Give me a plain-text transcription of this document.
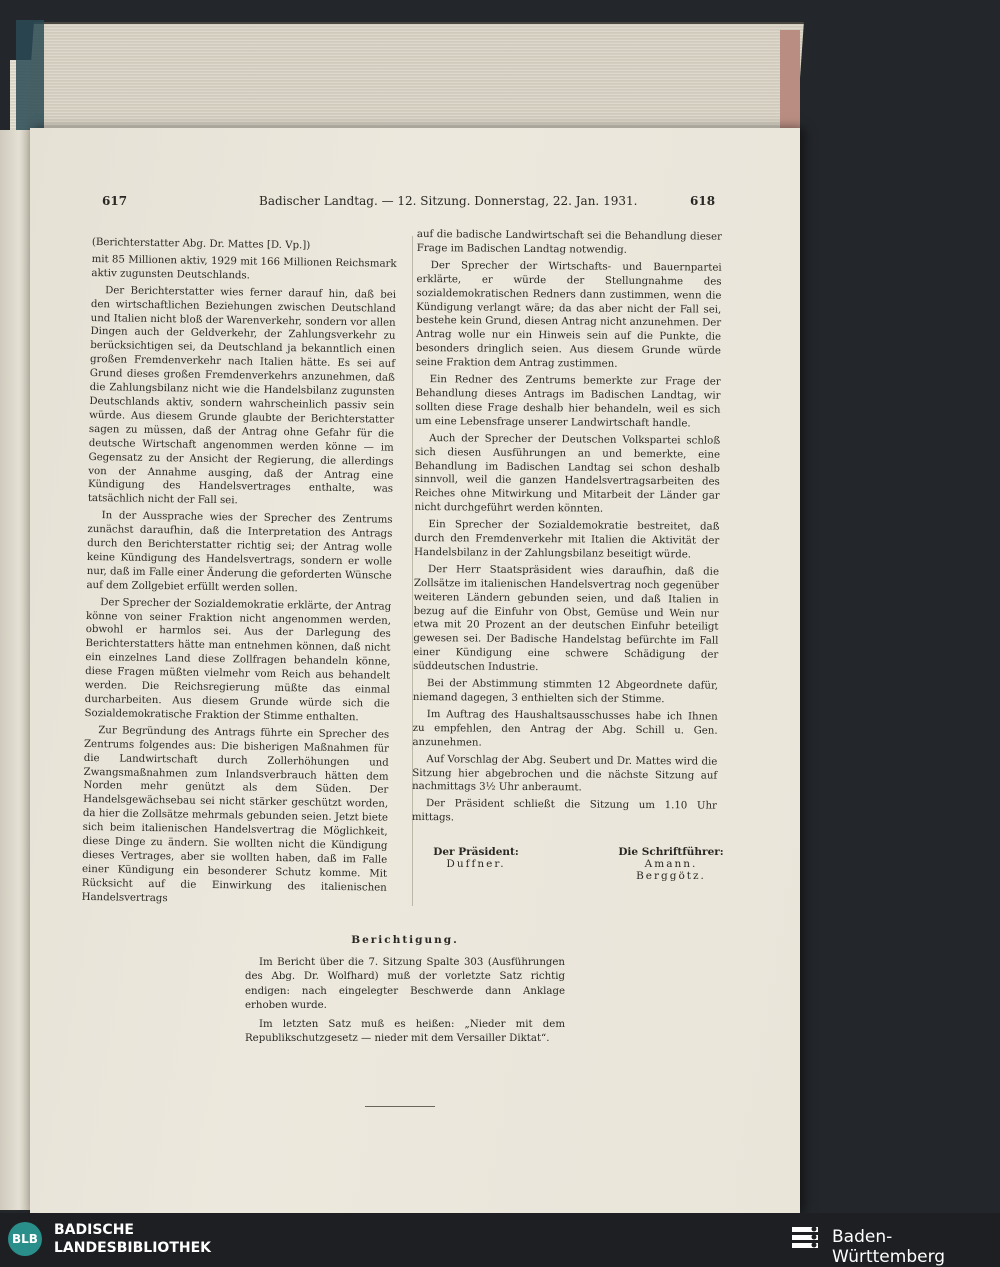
617	Badischer Landtag. — 12. Sitzung. Donnerstag, 22. Jan. 1931.	618

(Berichterstatter Abg. Dr. Mattes [D. Vp.])

mit 85 Millionen aktiv, 1929 mit 166 Millionen Reichsmark aktiv zugunsten Deutschlands.

Der Berichterstatter wies ferner darauf hin, daß bei den wirtschaftlichen Beziehungen zwischen Deutschland und Italien nicht bloß der Warenverkehr, sondern vor allen Dingen auch der Geldverkehr, der Zahlungsverkehr zu berücksichtigen sei, da Deutschland ja bekanntlich einen großen Fremdenverkehr nach Italien hätte. Es sei auf Grund dieses großen Fremdenverkehrs anzunehmen, daß die Zahlungsbilanz nicht wie die Handelsbilanz zugunsten Deutschlands aktiv, sondern wahrscheinlich passiv sein würde. Aus diesem Grunde glaubte der Berichterstatter sagen zu müssen, daß der Antrag ohne Gefahr für die deutsche Wirtschaft angenommen werden könne — im Gegensatz zu der Ansicht der Regierung, die allerdings von der Annahme ausging, daß der Antrag eine Kündigung des Handelsvertrages enthalte, was tatsächlich nicht der Fall sei.

In der Aussprache wies der Sprecher des Zentrums zunächst daraufhin, daß die Interpretation des Antrags durch den Berichterstatter richtig sei; der Antrag wolle keine Kündigung des Handelsvertrags, sondern er wolle nur, daß im Falle einer Änderung die geforderten Wünsche auf dem Zollgebiet erfüllt werden sollen.

Der Sprecher der Sozialdemokratie erklärte, der Antrag könne von seiner Fraktion nicht angenommen werden, obwohl er harmlos sei. Aus der Darlegung des Berichterstatters hätte man entnehmen können, daß nicht ein einzelnes Land diese Zollfragen behandeln könne, diese Fragen müßten vielmehr vom Reich aus behandelt werden. Die Reichsregierung müßte das einmal durcharbeiten. Aus diesem Grunde würde sich die Sozialdemokratische Fraktion der Stimme enthalten.

Zur Begründung des Antrags führte ein Sprecher des Zentrums folgendes aus: Die bisherigen Maßnahmen für die Landwirtschaft durch Zollerhöhungen und Zwangsmaßnahmen zum Inlandsverbrauch hätten dem Norden mehr genützt als dem Süden. Der Handelsgewächsebau sei nicht stärker geschützt worden, da hier die Zollsätze mehrmals gebunden seien. Jetzt biete sich beim italienischen Handelsvertrag die Möglichkeit, diese Dinge zu ändern. Sie wollten nicht die Kündigung dieses Vertrages, aber sie wollten haben, daß im Falle einer Kündigung ein besonderer Schutz komme. Mit Rücksicht auf die Einwirkung des italienischen Handelsvertrags

auf die badische Landwirtschaft sei die Behandlung dieser Frage im Badischen Landtag notwendig.

Der Sprecher der Wirtschafts- und Bauernpartei erklärte, er würde der Stellungnahme des sozialdemokratischen Redners dann zustimmen, wenn die Kündigung verlangt wäre; da das aber nicht der Fall sei, bestehe kein Grund, diesen Antrag nicht anzunehmen. Der Antrag wolle nur ein Hinweis sein auf die Punkte, die besonders dringlich seien. Aus diesem Grunde würde seine Fraktion dem Antrag zustimmen.

Ein Redner des Zentrums bemerkte zur Frage der Behandlung dieses Antrags im Badischen Landtag, wir sollten diese Frage deshalb hier behandeln, weil es sich um eine Lebensfrage unserer Landwirtschaft handle.

Auch der Sprecher der Deutschen Volkspartei schloß sich diesen Ausführungen an und bemerkte, eine Behandlung im Badischen Landtag sei schon deshalb sinnvoll, weil die ganzen Handelsvertragsarbeiten des Reiches ohne Mitwirkung und Mitarbeit der Länder gar nicht durchgeführt werden könnten.

Ein Sprecher der Sozialdemokratie bestreitet, daß durch den Fremdenverkehr mit Italien die Aktivität der Handelsbilanz in der Zahlungsbilanz beseitigt würde.

Der Herr Staatspräsident wies daraufhin, daß die Zollsätze im italienischen Handelsvertrag noch gegenüber weiteren Ländern gebunden seien, und daß Italien in bezug auf die Einfuhr von Obst, Gemüse und Wein nur etwa mit 20 Prozent an der deutschen Einfuhr beteiligt gewesen sei. Der Badische Handelstag befürchte im Fall einer Kündigung eine schwere Schädigung der süddeutschen Industrie.

Bei der Abstimmung stimmten 12 Abgeordnete dafür, niemand dagegen, 3 enthielten sich der Stimme.

Im Auftrag des Haushaltsausschusses habe ich Ihnen zu empfehlen, den Antrag der Abg. Schill u. Gen. anzunehmen.

Auf Vorschlag der Abg. Seubert und Dr. Mattes wird die Sitzung hier abgebrochen und die nächste Sitzung auf nachmittags 3½ Uhr anberaumt.

Der Präsident schließt die Sitzung um 1.10 Uhr mittags.

Der Präsident:
Duffner.
Die Schriftführer:
Amann.
Berggötz.
Berichtigung.

Im Bericht über die 7. Sitzung Spalte 303 (Ausführungen des Abg. Dr. Wolfhard) muß der vorletzte Satz richtig endigen: nach eingelegter Beschwerde dann Anklage erhoben wurde.

Im letzten Satz muß es heißen: „Nieder mit dem Republikschutzgesetz — nieder mit dem Versailler Diktat“.

BLB
BADISCHE
LANDESBIBLIOTHEK
Baden-Württemberg
